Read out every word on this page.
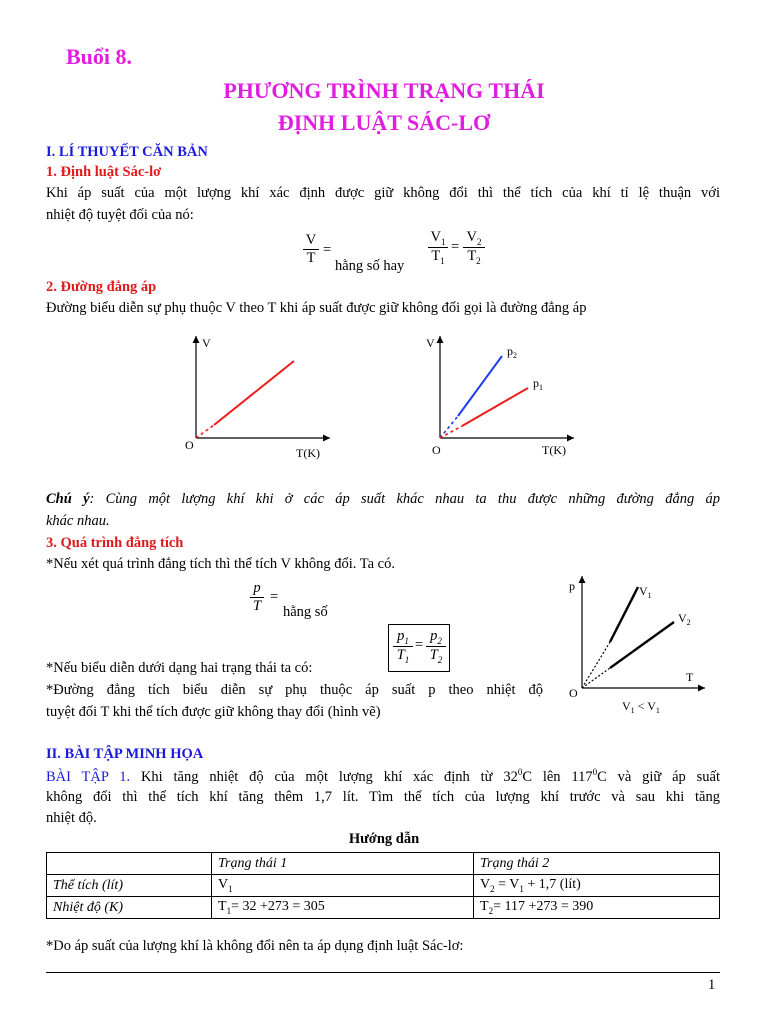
Buổi 8.
PHƯƠNG TRÌNH TRẠNG THÁI
ĐỊNH LUẬT SÁC-LƠ
I. LÍ THUYẾT CĂN BẢN
1. Định luật Sác-lơ
Khi áp suất của một lượng khí xác định được giữ không đổi thì thể tích của khí tỉ lệ thuận với
nhiệt độ tuyệt đối của nó:
$\frac{V}{T}$ =
hằng số hay
$\frac{V_1}{T_1} = \frac{V_2}{T_2}$
2. Đường đẳng áp
Đường biểu diễn sự phụ thuộc V theo T khi áp suất được giữ không đổi gọi là đường đẳng áp
V
T(K)
O
V
$p_2$
$p_1$
T(K)
O
Chú ý: Cùng một lượng khí khi ở các áp suất khác nhau ta thu được những đường đẳng áp
khác nhau.
3. Quá trình đẳng tích
*Nếu xét quá trình đẳng tích thì thể tích V không đổi. Ta có.
$\frac{p}{T}$ =
hằng số
$\frac{p_1}{T_1} = \frac{p_2}{T_2}$
*Nếu biểu diễn dưới dạng hai trạng thái ta có:
*Đường đẳng tích biểu diễn sự phụ thuộc áp suất p theo nhiệt độ
tuyệt đối T khi thể tích được giữ không thay đổi (hình vẽ)
p	$V_1$
$V_2$
T
O
$V_1 < V_1$
II. BÀI TẬP MINH HỌA
BÀI TẬP 1. Khi tăng nhiệt độ của một lượng khí xác định từ $32^0C$ lên $117^0C$ và giữ áp suất
không đổi thì thể tích khí tăng thêm 1,7 lít. Tìm thể tích của lượng khí trước và sau khi tăng
nhiệt độ.
Hướng dẫn
	Trạng thái 1	Trạng thái 2
Thể tích (lít)	$V_1$	$V_2 = V_1 + 1,7$ (lít)
Nhiệt độ (K)	$T_1= 32 +273 = 305$	$T_2= 117 +273 = 390$
*Do áp suất của lượng khí là không đổi nên ta áp dụng định luật Sác-lơ:
1
